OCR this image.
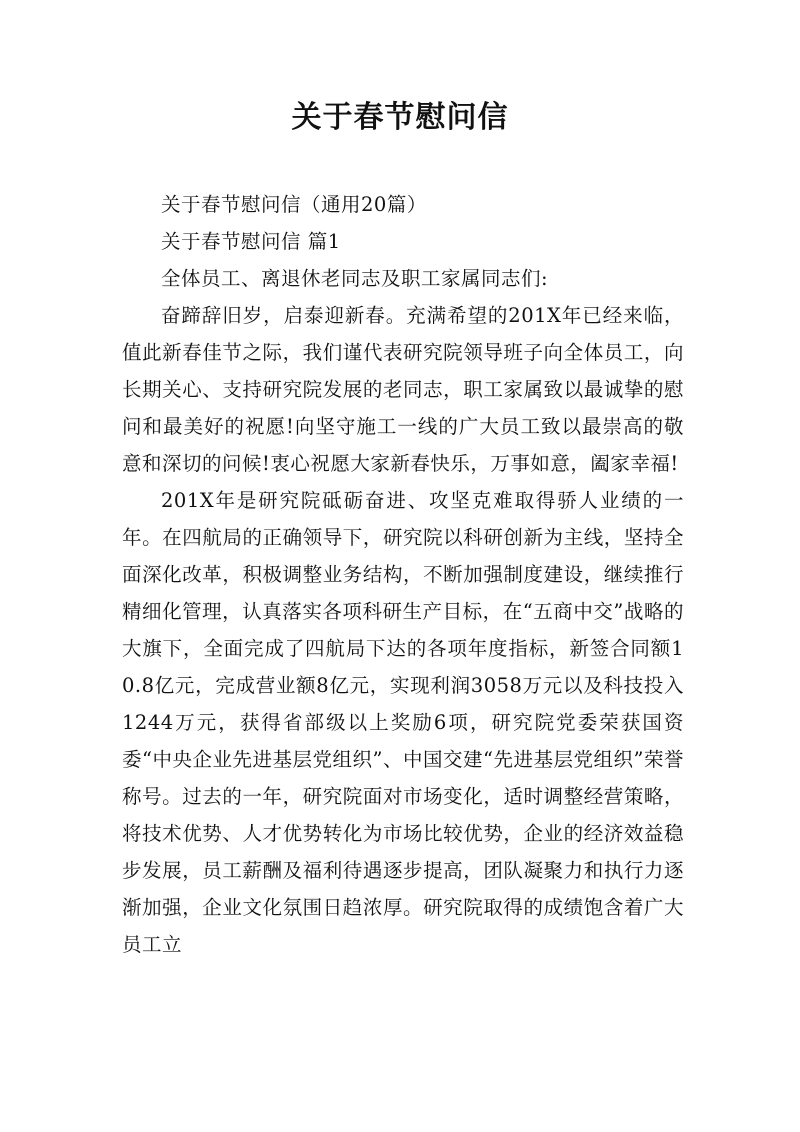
关于春节慰问信

关于春节慰问信（通用20篇）

关于春节慰问信 篇1

全体员工、离退休老同志及职工家属同志们:

奋蹄辞旧岁，启泰迎新春。充满希望的201X年已经来临，值此新春佳节之际，我们谨代表研究院领导班子向全体员工，向长期关心、支持研究院发展的老同志，职工家属致以最诚挚的慰问和最美好的祝愿!向坚守施工一线的广大员工致以最崇高的敬意和深切的问候!衷心祝愿大家新春快乐，万事如意，阖家幸福!

201X年是研究院砥砺奋进、攻坚克难取得骄人业绩的一年。在四航局的正确领导下，研究院以科研创新为主线，坚持全面深化改革，积极调整业务结构，不断加强制度建设，继续推行精细化管理，认真落实各项科研生产目标，在“五商中交”战略的大旗下，全面完成了四航局下达的各项年度指标，新签合同额10.8亿元，完成营业额8亿元，实现利润3058万元以及科技投入1244万元，获得省部级以上奖励6项，研究院党委荣获国资委“中央企业先进基层党组织”、中国交建“先进基层党组织”荣誉称号。过去的一年，研究院面对市场变化，适时调整经营策略，将技术优势、人才优势转化为市场比较优势，企业的经济效益稳步发展，员工薪酬及福利待遇逐步提高，团队凝聚力和执行力逐渐加强，企业文化氛围日趋浓厚。研究院取得的成绩饱含着广大员工立
